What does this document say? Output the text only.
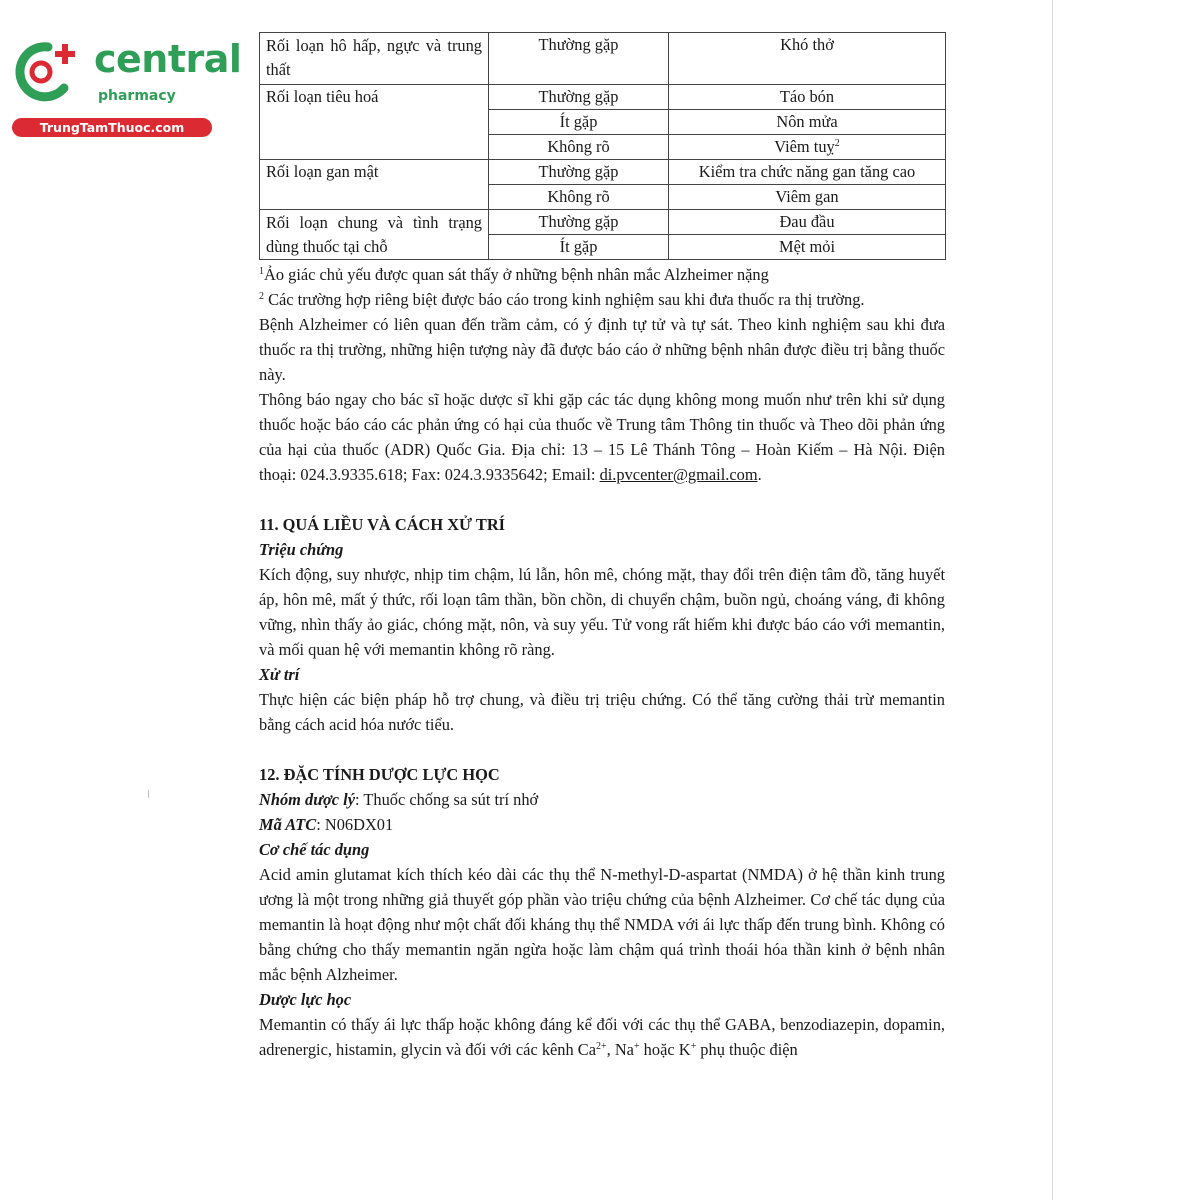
central
pharmacy
TrungTamThuoc.com
Rối loạn hô hấp, ngực và trung thất	Thường gặp	Khó thở
Rối loạn tiêu hoá	Thường gặp	Táo bón
	Ít gặp	Nôn mửa
	Không rõ	Viêm tuỵ$^2$
Rối loạn gan mật	Thường gặp	Kiểm tra chức năng gan tăng cao
	Không rõ	Viêm gan
Rối loạn chung và tình trạng dùng thuốc tại chỗ	Thường gặp	Đau đầu
	Ít gặp	Mệt mỏi

$^1$Ảo giác chủ yếu được quan sát thấy ở những bệnh nhân mắc Alzheimer nặng

$^2$ Các trường hợp riêng biệt được báo cáo trong kinh nghiệm sau khi đưa thuốc ra thị trường.

Bệnh Alzheimer có liên quan đến trầm cảm, có ý định tự tử và tự sát. Theo kinh nghiệm sau khi đưa thuốc ra thị trường, những hiện tượng này đã được báo cáo ở những bệnh nhân được điều trị bằng thuốc này.

Thông báo ngay cho bác sĩ hoặc dược sĩ khi gặp các tác dụng không mong muốn như trên khi sử dụng thuốc hoặc báo cáo các phản ứng có hại của thuốc về Trung tâm Thông tin thuốc và Theo dõi phản ứng của hại của thuốc (ADR) Quốc Gia. Địa chỉ: 13 – 15 Lê Thánh Tông – Hoàn Kiếm – Hà Nội. Điện thoại: 024.3.9335.618; Fax: 024.3.9335642; Email: di.pvcenter@gmail.com.

11. QUÁ LIỀU VÀ CÁCH XỬ TRÍ

Triệu chứng

Kích động, suy nhược, nhịp tim chậm, lú lẫn, hôn mê, chóng mặt, thay đổi trên điện tâm đồ, tăng huyết áp, hôn mê, mất ý thức, rối loạn tâm thần, bồn chồn, di chuyển chậm, buồn ngủ, choáng váng, đi không vững, nhìn thấy ảo giác, chóng mặt, nôn, và suy yếu. Tử vong rất hiếm khi được báo cáo với memantin, và mối quan hệ với memantin không rõ ràng.

Xử trí

Thực hiện các biện pháp hỗ trợ chung, và điều trị triệu chứng. Có thể tăng cường thải trừ memantin bằng cách acid hóa nước tiểu.

12. ĐẶC TÍNH DƯỢC LỰC HỌC

Nhóm dược lý: Thuốc chống sa sút trí nhớ

Mã ATC: N06DX01

Cơ chế tác dụng

Acid amin glutamat kích thích kéo dài các thụ thể N-methyl-D-aspartat (NMDA) ở hệ thần kinh trung ương là một trong những giả thuyết góp phần vào triệu chứng của bệnh Alzheimer. Cơ chế tác dụng của memantin là hoạt động như một chất đối kháng thụ thể NMDA với ái lực thấp đến trung bình. Không có bằng chứng cho thấy memantin ngăn ngừa hoặc làm chậm quá trình thoái hóa thần kinh ở bệnh nhân mắc bệnh Alzheimer.

Dược lực học

Memantin có thấy ái lực thấp hoặc không đáng kể đối với các thụ thể GABA, benzodiazepin, dopamin, adrenergic, histamin, glycin và đối với các kênh $Ca^{2+}$, Na+ hoặc K+ phụ thuộc điện
